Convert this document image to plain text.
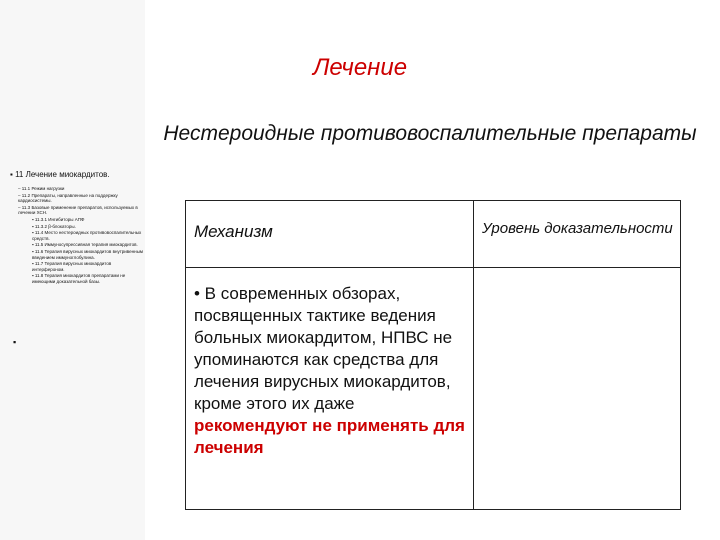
Лечение
Нестероидные противовоспалительные препараты
▪ 11 Лечение миокардитов.
– 11.1 Режим нагрузки
– 11.2 Препараты, направленные на поддержку кардиосистемы.
– 11.3 Базовые применение препаратов, используемых в лечении ХСН.
▪ 11.3.1 Ингибиторы АПФ
▪ 11.3.2 β-блокаторы.
▪ 11.4 Место нестероидных противовоспалительных средств.
▪ 11.5 Иммуносупрессивная терапия миокардитов.
▪ 11.6 Терапия вирусных миокардитов внутривенным введением иммуноглобулина.
▪ 11.7 Терапия вирусных миокардитов интерфероном.
▪ 11.8 Терапия миокардитов препаратами не имеющими доказательной базы.
▪
Механизм	Уровень доказательности

• В современных обзорах, посвященных тактике ведения больных миокардитом, НПВС не упоминаются как средства для лечения вирусных миокардитов, кроме этого их даже рекомендуют не применять для лечения	
